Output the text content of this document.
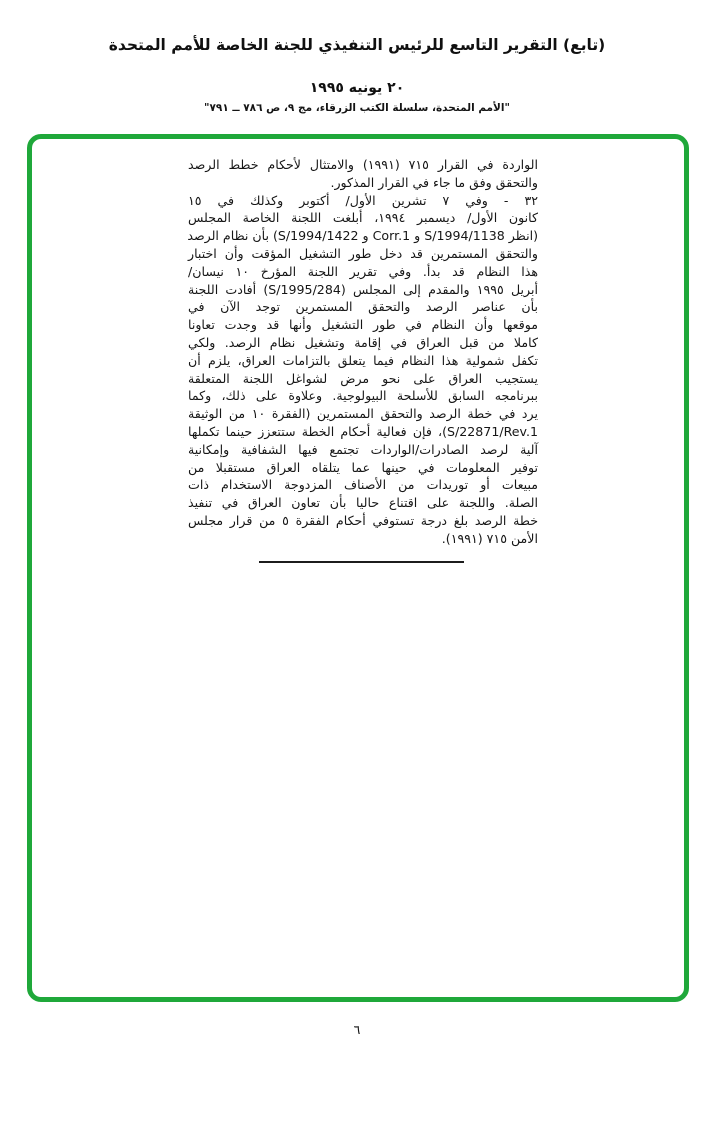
(تابع) التقرير التاسع للرئيس التنفيذي للجنة الخاصة للأمم المتحدة
٢٠ يونيه ١٩٩٥
"الأمم المتحدة، سلسلة الكتب الزرقاء، مج ٩، ص ٧٨٦ ــ ٧٩١"
الواردة في القرار ٧١٥ (١٩٩١) والامتثال لأحكام خطط الرصد
والتحقق وفق ما جاء في القرار المذكور.
٣٢ - وفي ٧ تشرين الأول/ أكتوبر وكذلك في ١٥
كانون الأول/ ديسمبر ١٩٩٤، أبلغت اللجنة الخاصة المجلس
(انظر S/1994/1138 و Corr.1 و S/1994/1422) بأن نظام الرصد
والتحقق المستمرين قد دخل طور التشغيل المؤقت وأن اختبار
هذا النظام قد بدأ. وفي تقرير اللجنة المؤرخ ١٠ نيسان/
أبريل ١٩٩٥ والمقدم إلى المجلس (S/1995/284) أفادت اللجنة
بأن عناصر الرصد والتحقق المستمرين توجد الآن في
موقعها وأن النظام في طور التشغيل وأنها قد وجدت تعاونا
كاملا من قبل العراق في إقامة وتشغيل نظام الرصد. ولكي
تكفل شمولية هذا النظام فيما يتعلق بالتزامات العراق، يلزم أن
يستجيب العراق على نحو مرض لشواغل اللجنة المتعلقة
ببرنامجه السابق للأسلحة البيولوجية. وعلاوة على ذلك، وكما
يرد في خطة الرصد والتحقق المستمرين (الفقرة ١٠ من الوثيقة
S/22871/Rev.1)، فإن فعالية أحكام الخطة ستتعزز حينما تكملها
آلية لرصد الصادرات/الواردات تجتمع فيها الشفافية وإمكانية
توفير المعلومات في حينها عما يتلقاه العراق مستقبلا من
مبيعات أو توريدات من الأصناف المزدوجة الاستخدام ذات
الصلة. واللجنة على اقتناع حاليا بأن تعاون العراق في تنفيذ
خطة الرصد بلغ درجة تستوفي أحكام الفقرة ٥ من قرار مجلس
الأمن ٧١٥ (١٩٩١).
٦
